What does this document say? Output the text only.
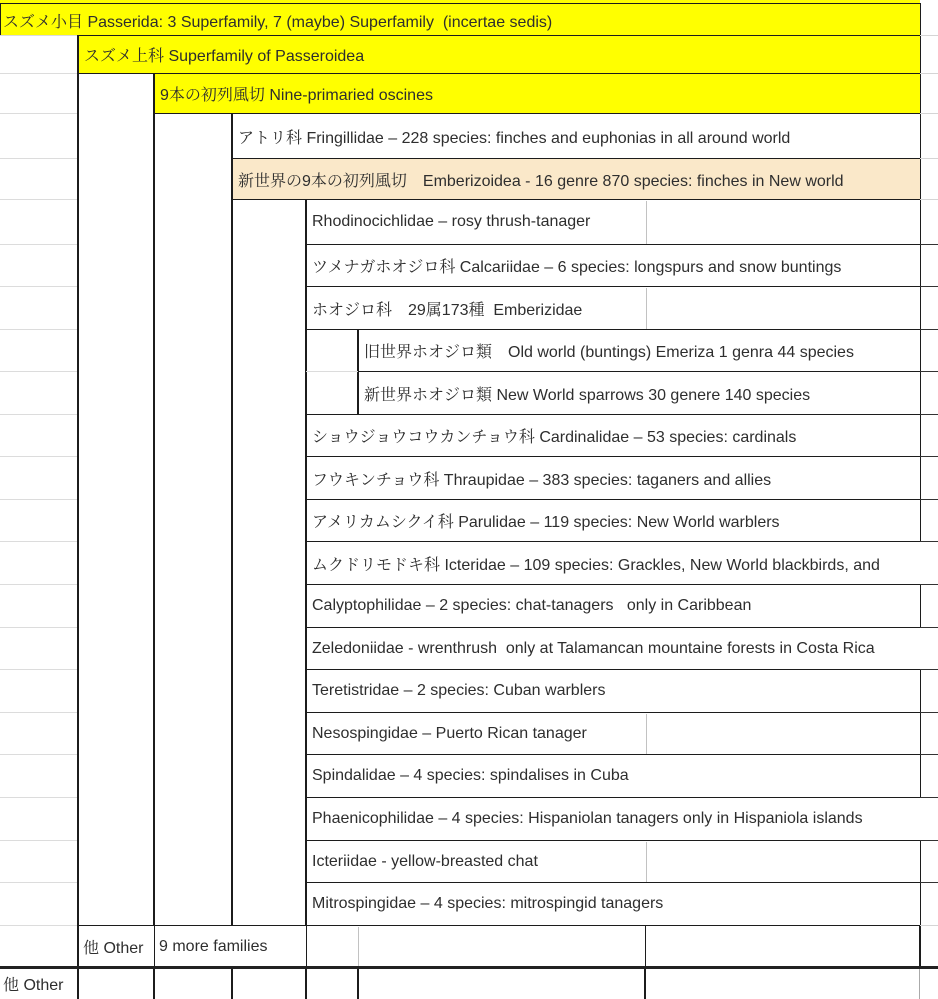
スズメ小目 Passerida: 3 Superfamily, 7 (maybe) Superfamily  (incertae sedis)
スズメ上科 Superfamily of Passeroidea
9本の初列風切 Nine-primaried oscines
アトリ科 Fringillidae – 228 species: finches and euphonias in all around world
新世界の9本の初列風切　Emberizoidea - 16 genre 870 species: finches in New world
Rhodinocichlidae – rosy thrush-tanager
ツメナガホオジロ科 Calcariidae – 6 species: longspurs and snow buntings
ホオジロ科　29属173種  Emberizidae
旧世界ホオジロ類　Old world (buntings) Emeriza 1 genra 44 species
新世界ホオジロ類 New World sparrows 30 genere 140 species
ショウジョウコウカンチョウ科 Cardinalidae – 53 species: cardinals
フウキンチョウ科 Thraupidae – 383 species: taganers and allies
アメリカムシクイ科 Parulidae – 119 species: New World warblers
ムクドリモドキ科 Icteridae – 109 species: Grackles, New World blackbirds, and
Calyptophilidae – 2 species: chat-tanagers   only in Caribbean
Zeledoniidae - wrenthrush  only at Talamancan mountaine forests in Costa Rica
Teretistridae – 2 species: Cuban warblers
Nesospingidae – Puerto Rican tanager
Spindalidae – 4 species: spindalises in Cuba
Phaenicophilidae – 4 species: Hispaniolan tanagers only in Hispaniola islands
Icteriidae - yellow-breasted chat
Mitrospingidae – 4 species: mitrospingid tanagers
他 Other 9 more families
他 Other
